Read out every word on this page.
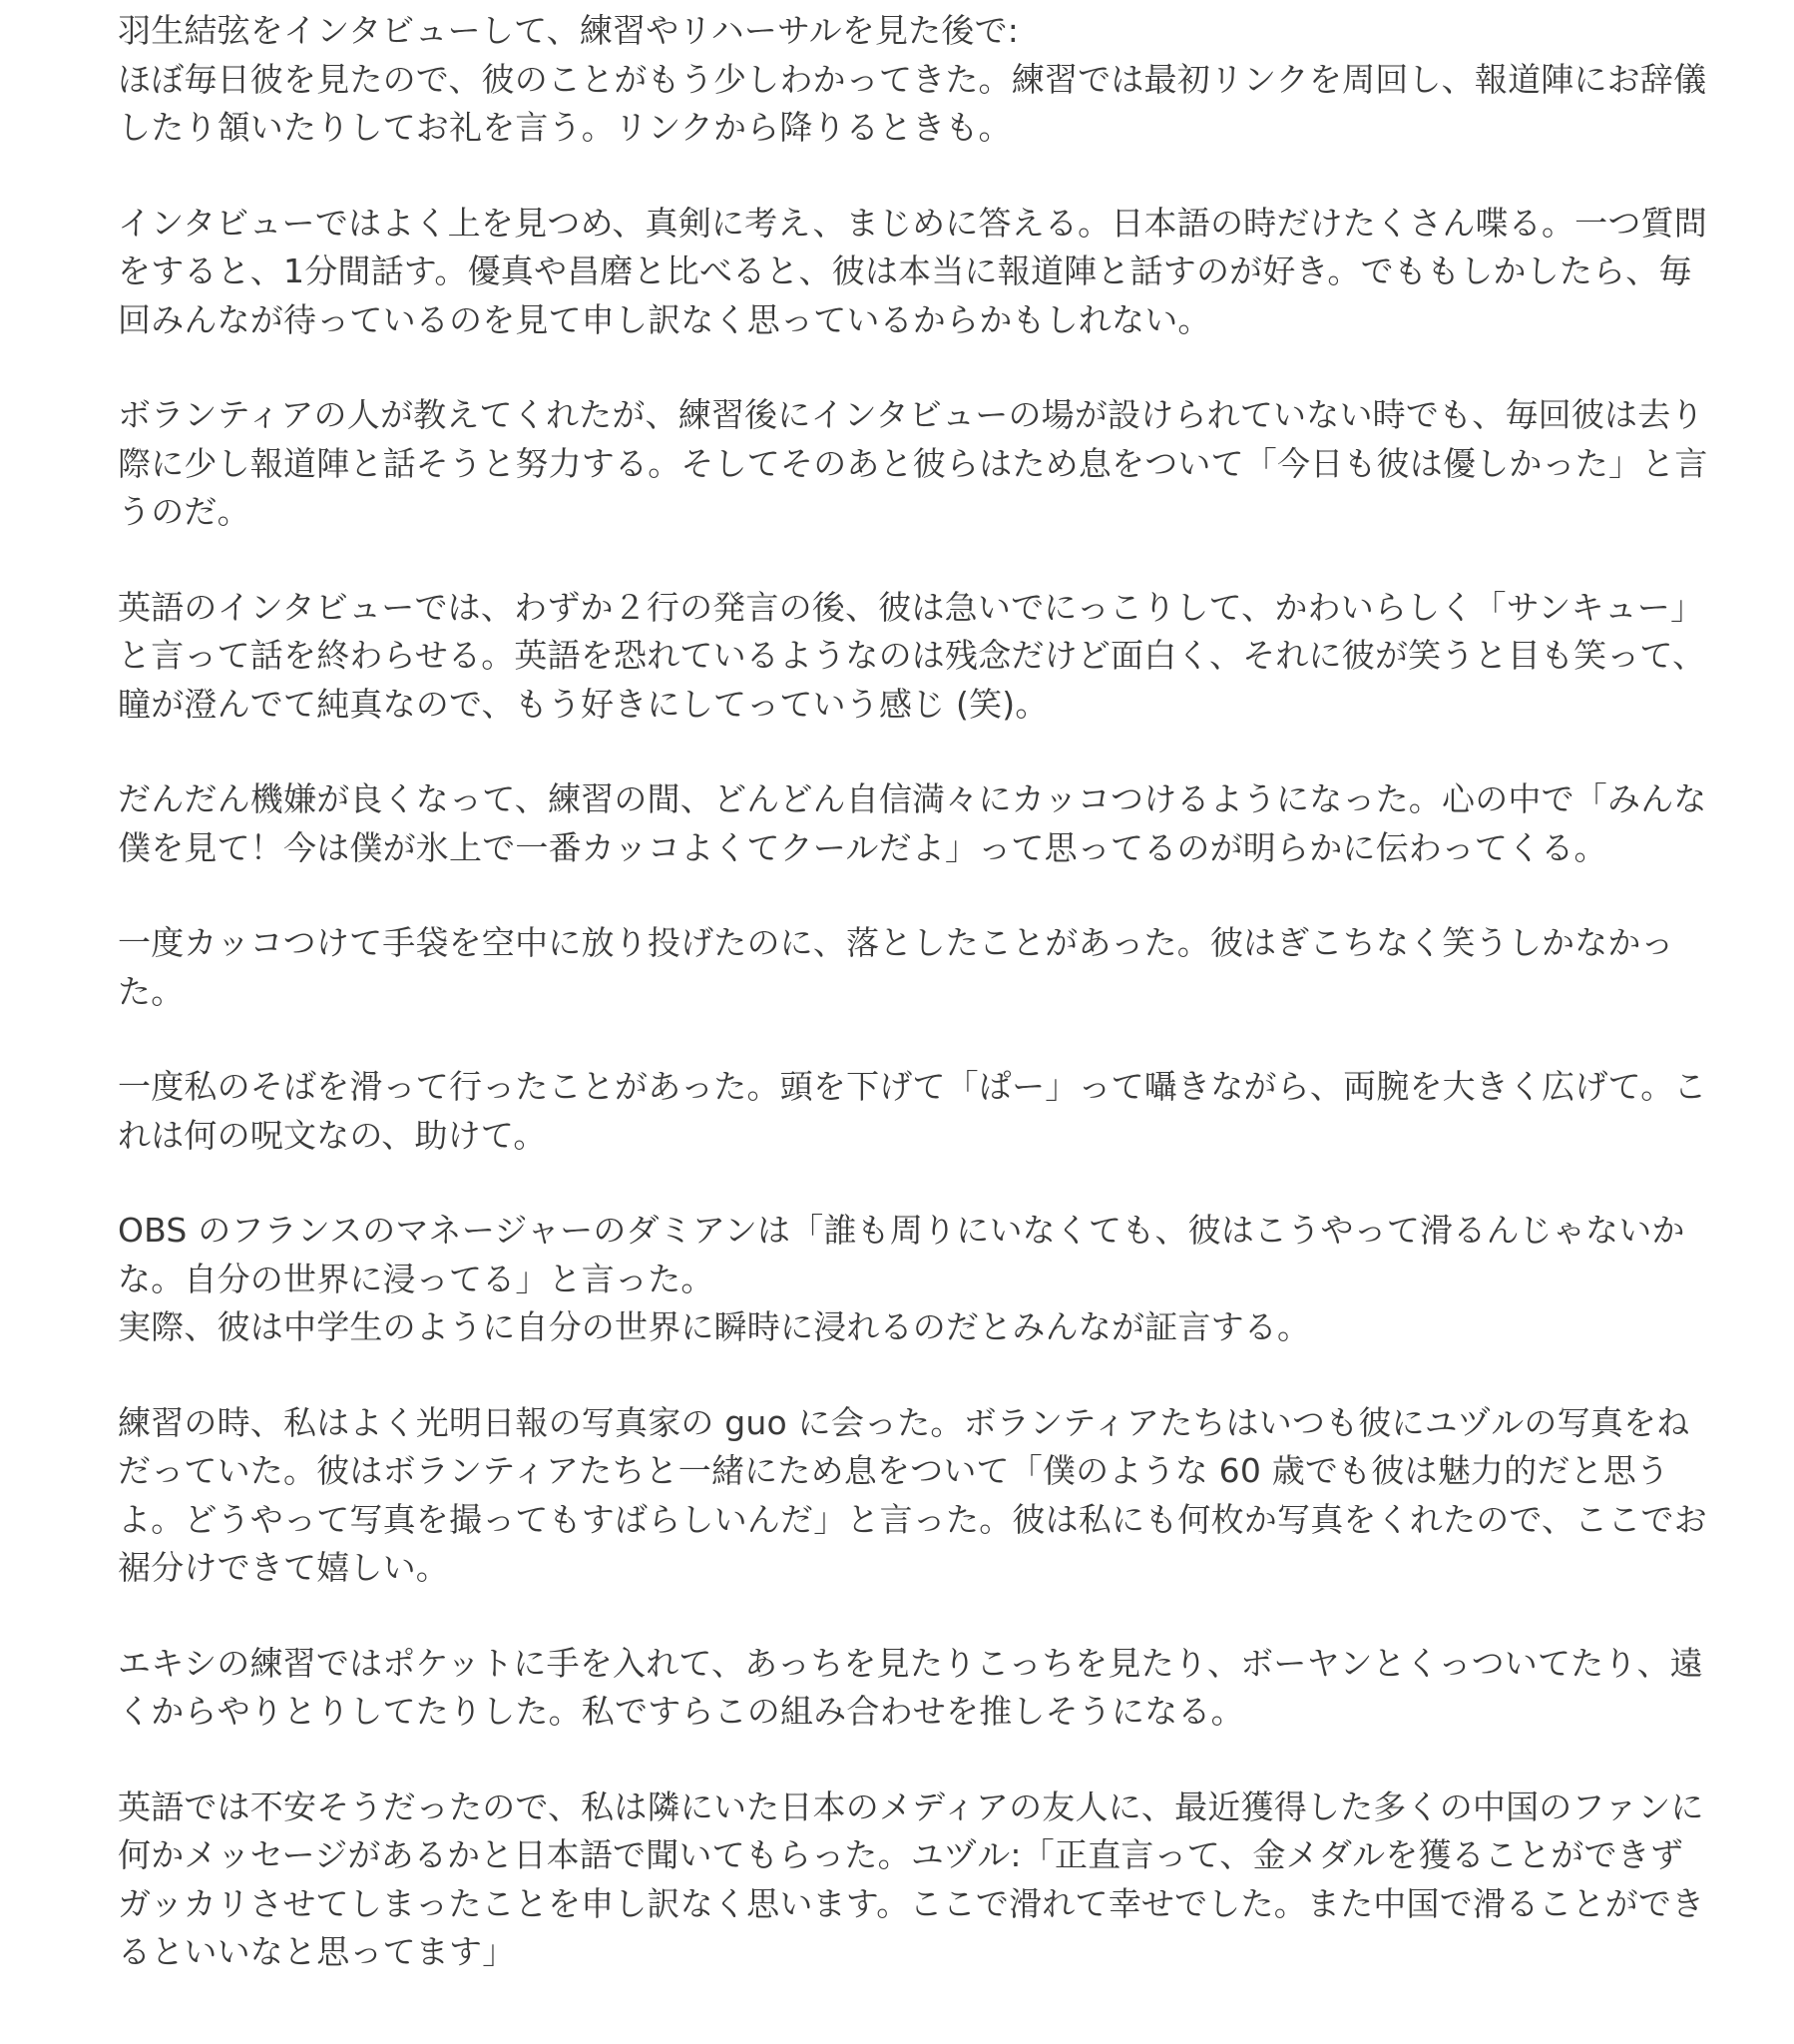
羽生結弦をインタビューして、練習やリハーサルを見た後で:
ほぼ毎日彼を見たので、彼のことがもう少しわかってきた。練習では最初リンクを周回し、報道陣にお辞儀
したり頷いたりしてお礼を言う。リンクから降りるときも。
インタビューではよく上を見つめ、真剣に考え、まじめに答える。日本語の時だけたくさん喋る。一つ質問
をすると、1分間話す。優真や昌磨と比べると、彼は本当に報道陣と話すのが好き。でももしかしたら、毎
回みんなが待っているのを見て申し訳なく思っているからかもしれない。
ボランティアの人が教えてくれたが、練習後にインタビューの場が設けられていない時でも、毎回彼は去り
際に少し報道陣と話そうと努力する。そしてそのあと彼らはため息をついて「今日も彼は優しかった」と言
うのだ。
英語のインタビューでは、わずか２行の発言の後、彼は急いでにっこりして、かわいらしく「サンキュー」
と言って話を終わらせる。英語を恐れているようなのは残念だけど面白く、それに彼が笑うと目も笑って、
瞳が澄んでて純真なので、もう好きにしてっていう感じ (笑)。
だんだん機嫌が良くなって、練習の間、どんどん自信満々にカッコつけるようになった。心の中で「みんな
僕を見て！今は僕が氷上で一番カッコよくてクールだよ」って思ってるのが明らかに伝わってくる。
一度カッコつけて手袋を空中に放り投げたのに、落としたことがあった。彼はぎこちなく笑うしかなかっ
た。
一度私のそばを滑って行ったことがあった。頭を下げて「ぱー」って囁きながら、両腕を大きく広げて。こ
れは何の呪文なの、助けて。
OBS のフランスのマネージャーのダミアンは「誰も周りにいなくても、彼はこうやって滑るんじゃないか
な。自分の世界に浸ってる」と言った。
実際、彼は中学生のように自分の世界に瞬時に浸れるのだとみんなが証言する。
練習の時、私はよく光明日報の写真家の guo に会った。ボランティアたちはいつも彼にユヅルの写真をね
だっていた。彼はボランティアたちと一緒にため息をついて「僕のような 60 歳でも彼は魅力的だと思う
よ。どうやって写真を撮ってもすばらしいんだ」と言った。彼は私にも何枚か写真をくれたので、ここでお
裾分けできて嬉しい。
エキシの練習ではポケットに手を入れて、あっちを見たりこっちを見たり、ボーヤンとくっついてたり、遠
くからやりとりしてたりした。私ですらこの組み合わせを推しそうになる。
英語では不安そうだったので、私は隣にいた日本のメディアの友人に、最近獲得した多くの中国のファンに
何かメッセージがあるかと日本語で聞いてもらった。ユヅル:「正直言って、金メダルを獲ることができず
ガッカリさせてしまったことを申し訳なく思います。ここで滑れて幸せでした。また中国で滑ることができ
るといいなと思ってます」
